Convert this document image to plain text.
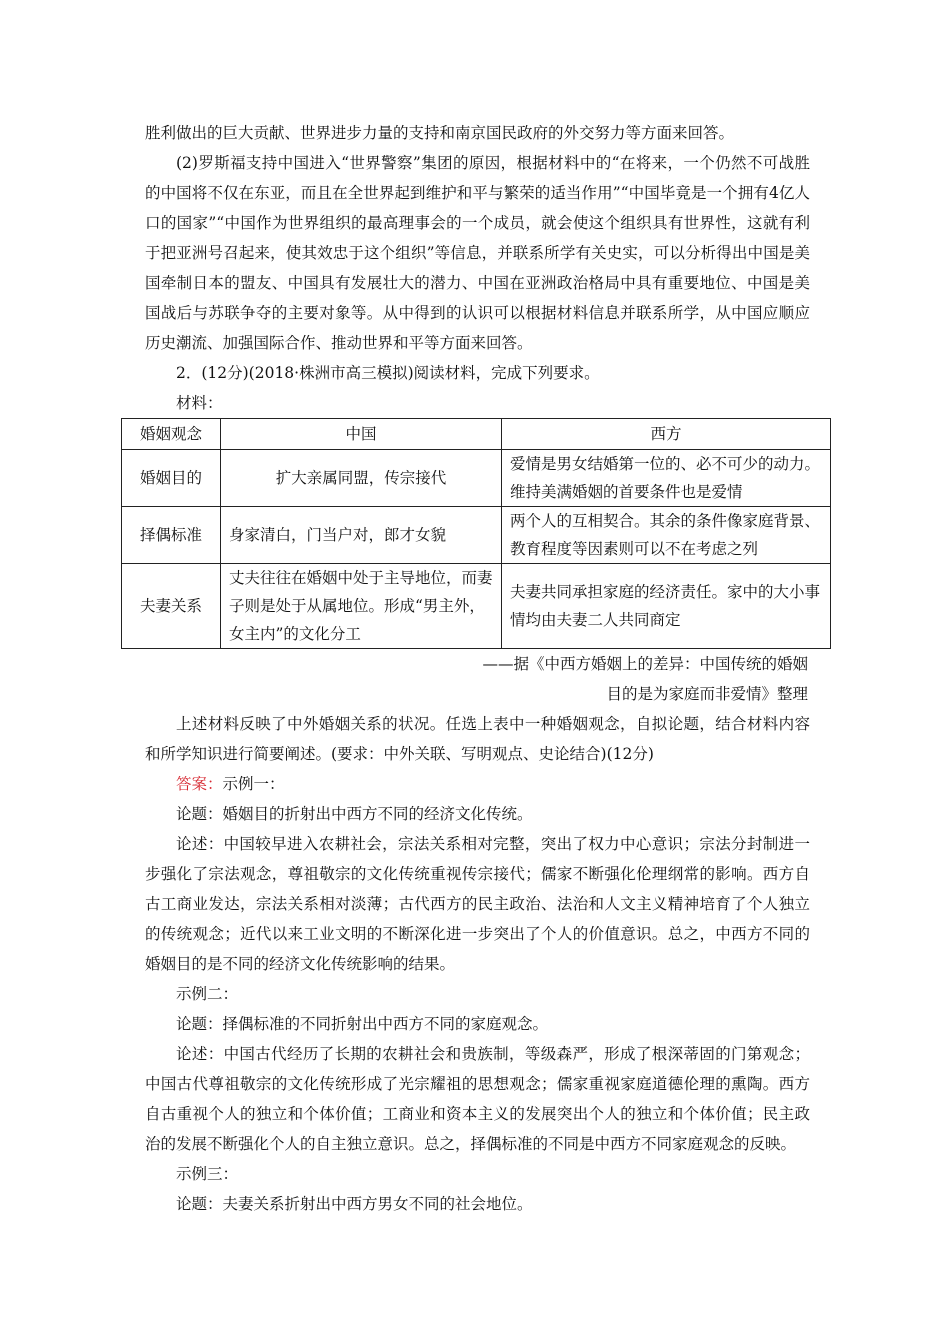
胜利做出的巨大贡献、世界进步力量的支持和南京国民政府的外交努力等方面来回答。

(2)罗斯福支持中国进入“世界警察”集团的原因，根据材料中的“在将来，一个仍然不可战胜的中国将不仅在东亚，而且在全世界起到维护和平与繁荣的适当作用”“中国毕竟是一个拥有4亿人口的国家”“中国作为世界组织的最高理事会的一个成员，就会使这个组织具有世界性，这就有利于把亚洲号召起来，使其效忠于这个组织”等信息，并联系所学有关史实，可以分析得出中国是美国牵制日本的盟友、中国具有发展壮大的潜力、中国在亚洲政治格局中具有重要地位、中国是美国战后与苏联争夺的主要对象等。从中得到的认识可以根据材料信息并联系所学，从中国应顺应历史潮流、加强国际合作、推动世界和平等方面来回答。

2．(12分)(2018·株洲市高三模拟)阅读材料，完成下列要求。

材料：

婚姻观念	中国	西方
婚姻目的	扩大亲属同盟，传宗接代	爱情是男女结婚第一位的、必不可少的动力。维持美满婚姻的首要条件也是爱情
择偶标准	身家清白，门当户对，郎才女貌	两个人的互相契合。其余的条件像家庭背景、教育程度等因素则可以不在考虑之列
夫妻关系	丈夫往往在婚姻中处于主导地位，而妻子则是处于从属地位。形成“男主外，女主内”的文化分工	夫妻共同承担家庭的经济责任。家中的大小事情均由夫妻二人共同商定

——据《中西方婚姻上的差异：中国传统的婚姻
目的是为家庭而非爱情》整理

上述材料反映了中外婚姻关系的状况。任选上表中一种婚姻观念，自拟论题，结合材料内容和所学知识进行简要阐述。(要求：中外关联、写明观点、史论结合)(12分)

答案：示例一：

论题：婚姻目的折射出中西方不同的经济文化传统。

论述：中国较早进入农耕社会，宗法关系相对完整，突出了权力中心意识；宗法分封制进一步强化了宗法观念，尊祖敬宗的文化传统重视传宗接代；儒家不断强化伦理纲常的影响。西方自古工商业发达，宗法关系相对淡薄；古代西方的民主政治、法治和人文主义精神培育了个人独立的传统观念；近代以来工业文明的不断深化进一步突出了个人的价值意识。总之，中西方不同的婚姻目的是不同的经济文化传统影响的结果。

示例二：

论题：择偶标准的不同折射出中西方不同的家庭观念。

论述：中国古代经历了长期的农耕社会和贵族制，等级森严，形成了根深蒂固的门第观念；中国古代尊祖敬宗的文化传统形成了光宗耀祖的思想观念；儒家重视家庭道德伦理的熏陶。西方自古重视个人的独立和个体价值；工商业和资本主义的发展突出个人的独立和个体价值；民主政治的发展不断强化个人的自主独立意识。总之，择偶标准的不同是中西方不同家庭观念的反映。

示例三：

论题：夫妻关系折射出中西方男女不同的社会地位。
